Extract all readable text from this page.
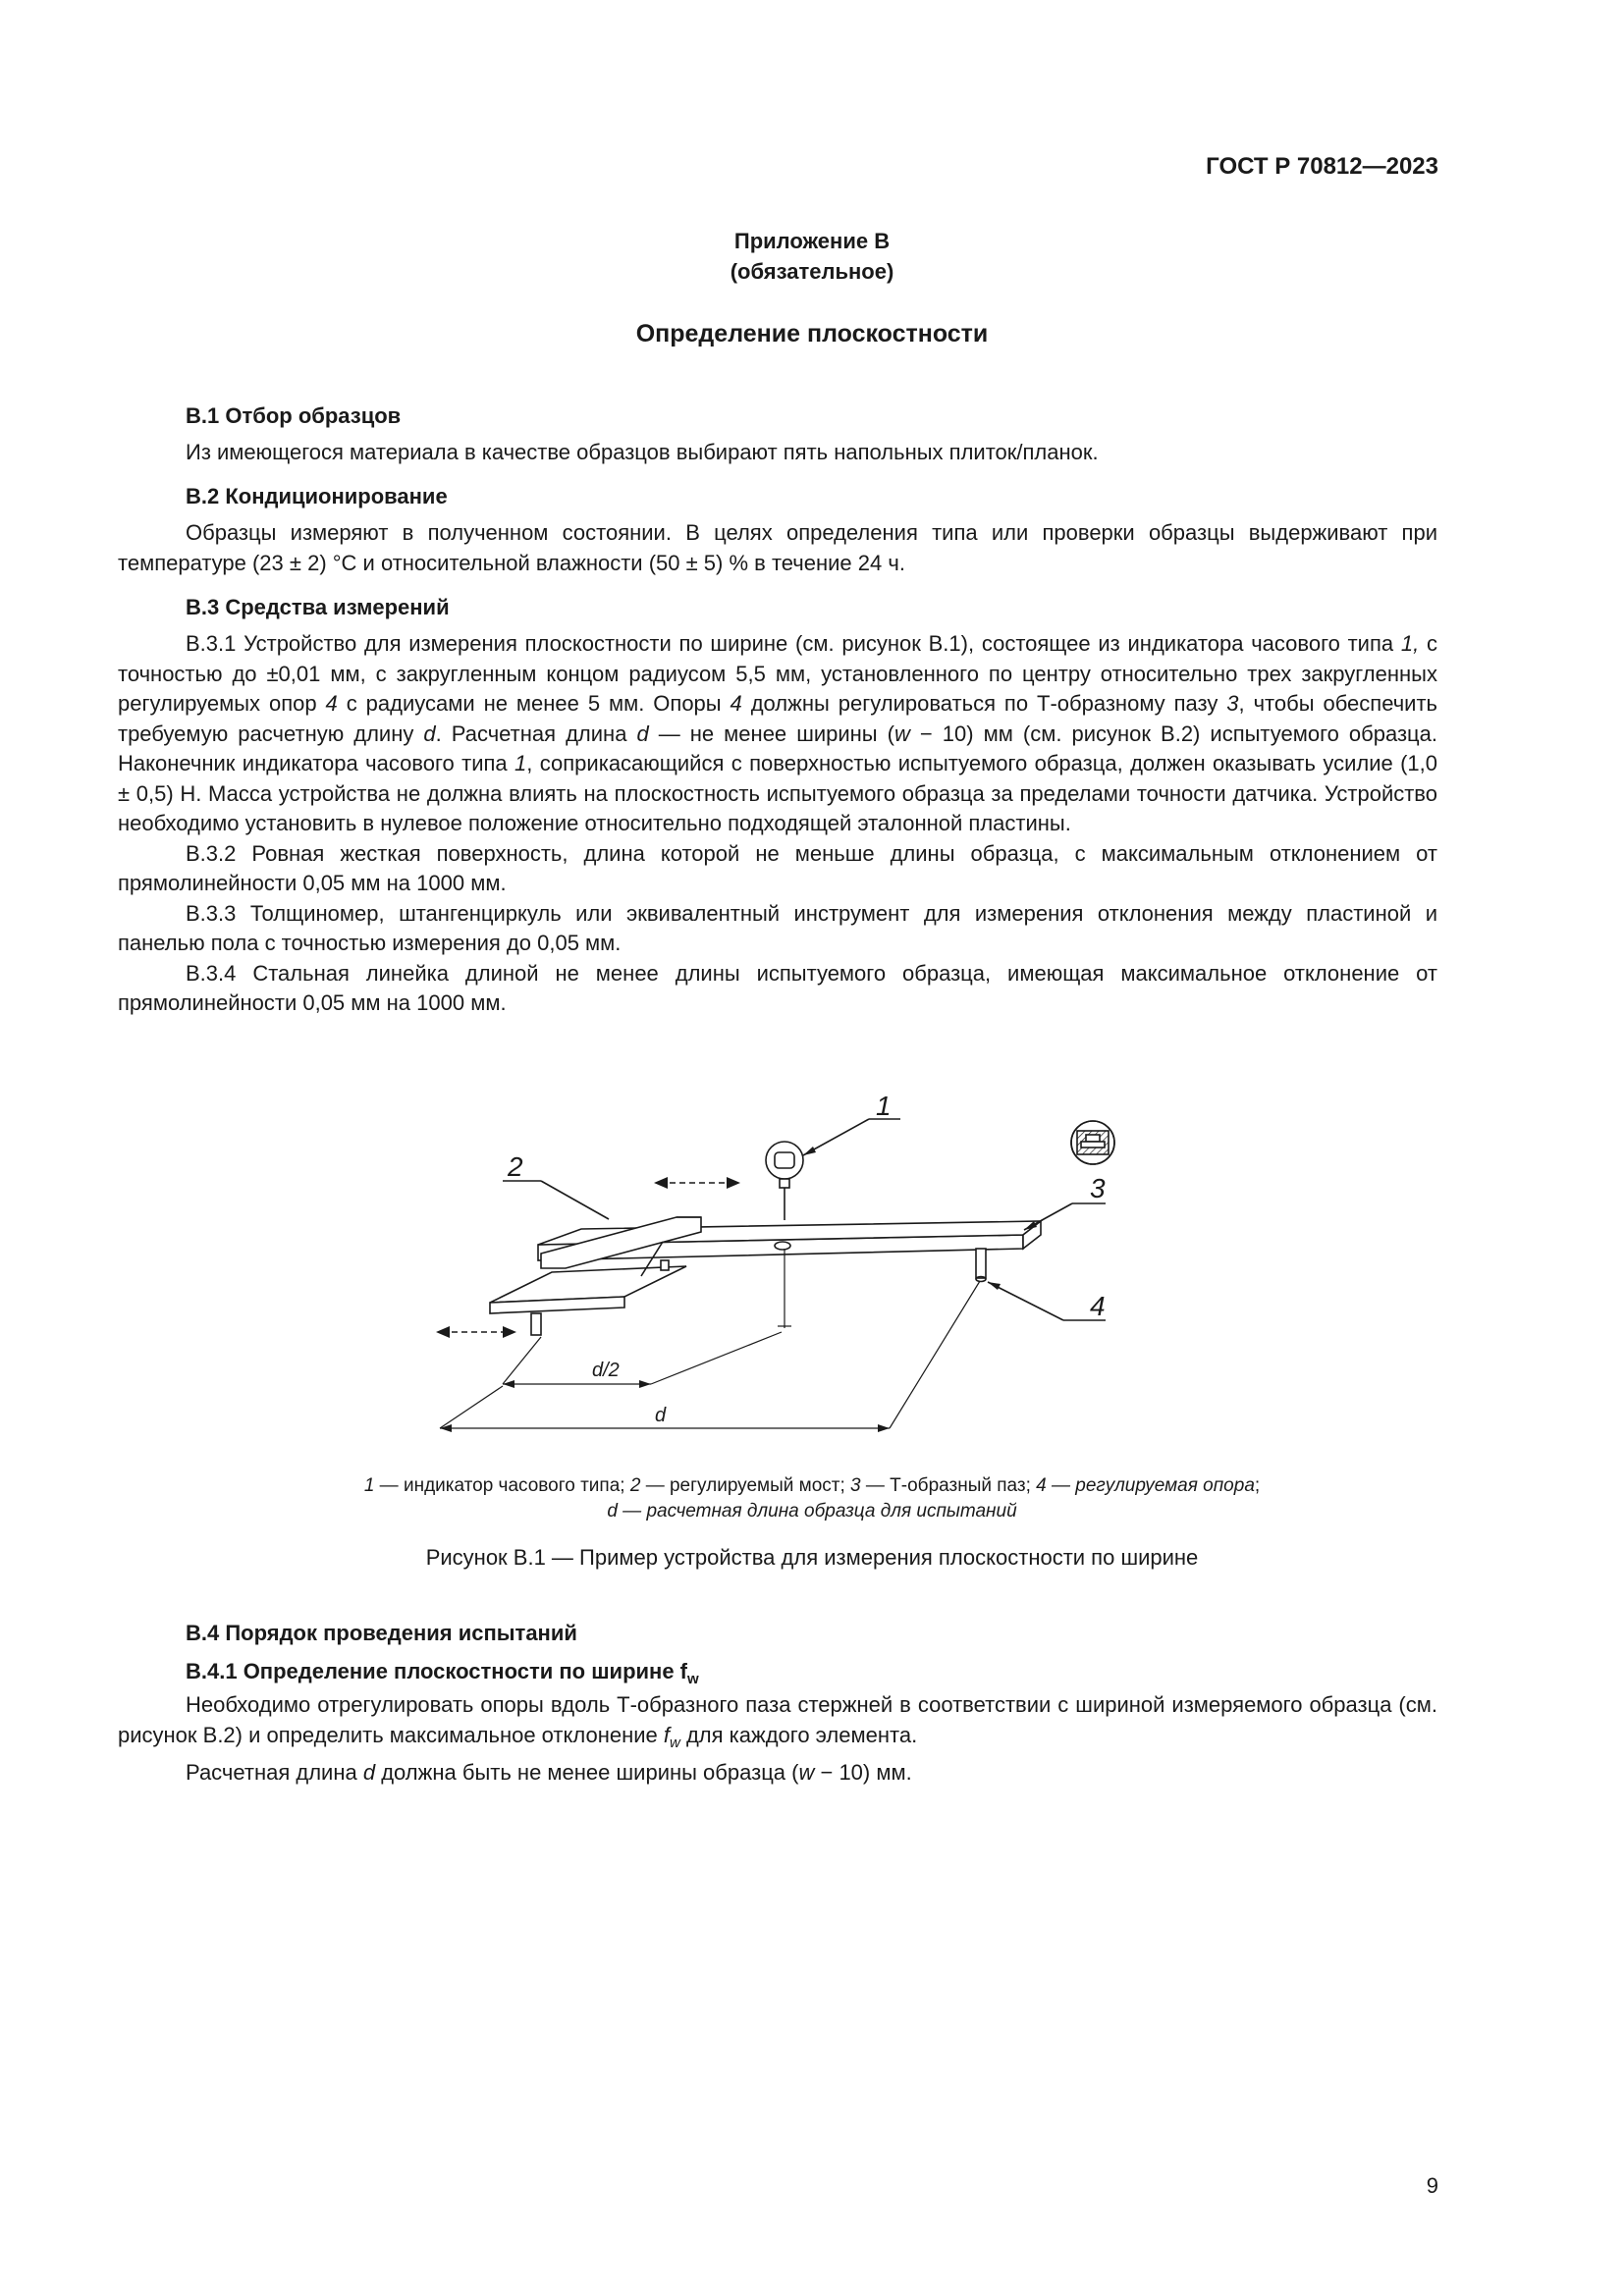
ГОСТ Р 70812—2023
Приложение В
(обязательное)
Определение плоскостности
В.1 Отбор образцов

Из имеющегося материала в качестве образцов выбирают пять напольных плиток/планок.

В.2 Кондиционирование

Образцы измеряют в полученном состоянии. В целях определения типа или проверки образцы выдерживают при температуре (23 ± 2) °С и относительной влажности (50 ± 5) % в течение 24 ч.

В.3 Средства измерений

В.3.1 Устройство для измерения плоскостности по ширине (см. рисунок В.1), состоящее из индикатора часового типа 1, с точностью до ±0,01 мм, с закругленным концом радиусом 5,5 мм, установленного по центру относительно трех закругленных регулируемых опор 4 с радиусами не менее 5 мм. Опоры 4 должны регулироваться по Т-образному пазу 3, чтобы обеспечить требуемую расчетную длину d. Расчетная длина d — не менее ширины (w − 10) мм (см. рисунок В.2) испытуемого образца. Наконечник индикатора часового типа 1, соприкасающийся с поверхностью испытуемого образца, должен оказывать усилие (1,0 ± 0,5) Н. Масса устройства не должна влиять на плоскостность испытуемого образца за пределами точности датчика. Устройство необходимо установить в нулевое положение относительно подходящей эталонной пластины.

В.3.2 Ровная жесткая поверхность, длина которой не меньше длины образца, с максимальным отклонением от прямолинейности 0,05 мм на 1000 мм.

В.3.3 Толщиномер, штангенциркуль или эквивалентный инструмент для измерения отклонения между пластиной и панелью пола с точностью измерения до 0,05 мм.

В.3.4 Стальная линейка длиной не менее длины испытуемого образца, имеющая максимальное отклонение от прямолинейности 0,05 мм на 1000 мм.

1
2
3
4
d/2
d
1 — индикатор часового типа; 2 — регулируемый мост; 3 — Т-образный паз; 4 — регулируемая опора;
d — расчетная длина образца для испытаний
Рисунок В.1 — Пример устройства для измерения плоскостности по ширине
В.4 Порядок проведения испытаний
В.4.1 Определение плоскостности по ширине $f_w$

Необходимо отрегулировать опоры вдоль Т-образного паза стержней в соответствии с шириной измеряемого образца (см. рисунок В.2) и определить максимальное отклонение $f_w$ для каждого элемента.

Расчетная длина d должна быть не менее ширины образца (w − 10) мм.

9
